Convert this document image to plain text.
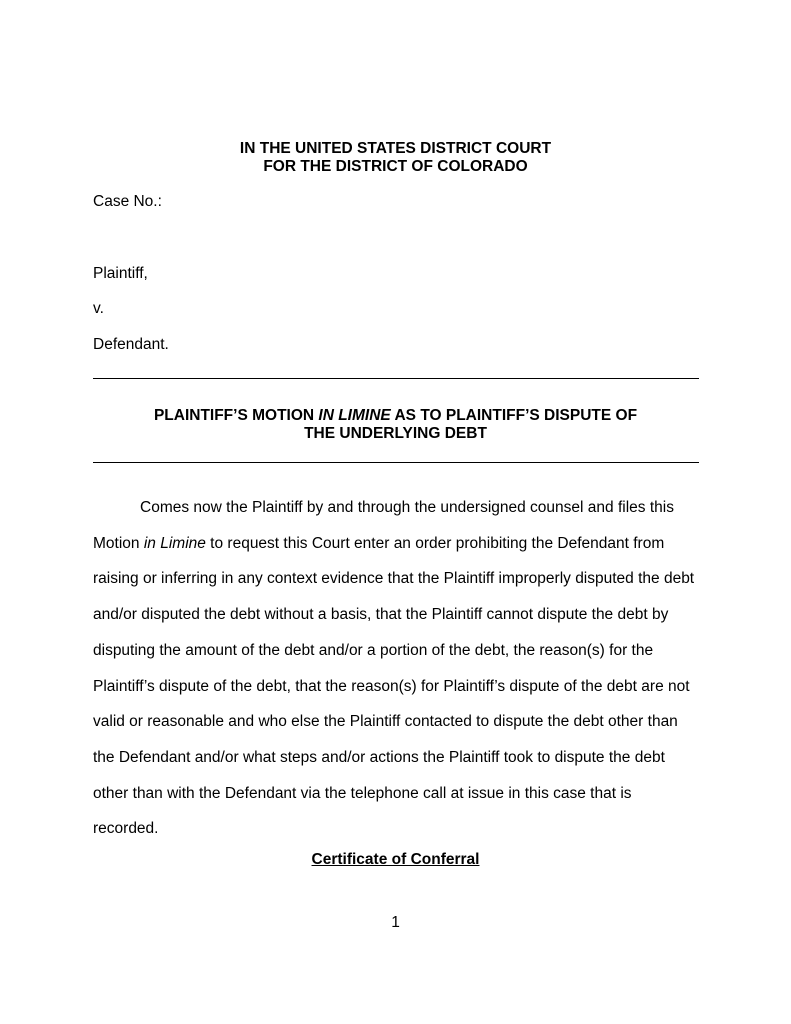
IN THE UNITED STATES DISTRICT COURT
FOR THE DISTRICT OF COLORADO
Case No.:
Plaintiff,
v.
Defendant.
PLAINTIFF’S MOTION IN LIMINE AS TO PLAINTIFF’S DISPUTE OF
THE UNDERLYING DEBT
Comes now the Plaintiff by and through the undersigned counsel and files this
Motion in Limine to request this Court enter an order prohibiting the Defendant from
raising or inferring in any context evidence that the Plaintiff improperly disputed the debt
and/or disputed the debt without a basis, that the Plaintiff cannot dispute the debt by
disputing the amount of the debt and/or a portion of the debt, the reason(s) for the
Plaintiff’s dispute of the debt, that the reason(s) for Plaintiff’s dispute of the debt are not
valid or reasonable and who else the Plaintiff contacted to dispute the debt other than
the Defendant and/or what steps and/or actions the Plaintiff took to dispute the debt
other than with the Defendant via the telephone call at issue in this case that is
recorded.
Certificate of Conferral
1
